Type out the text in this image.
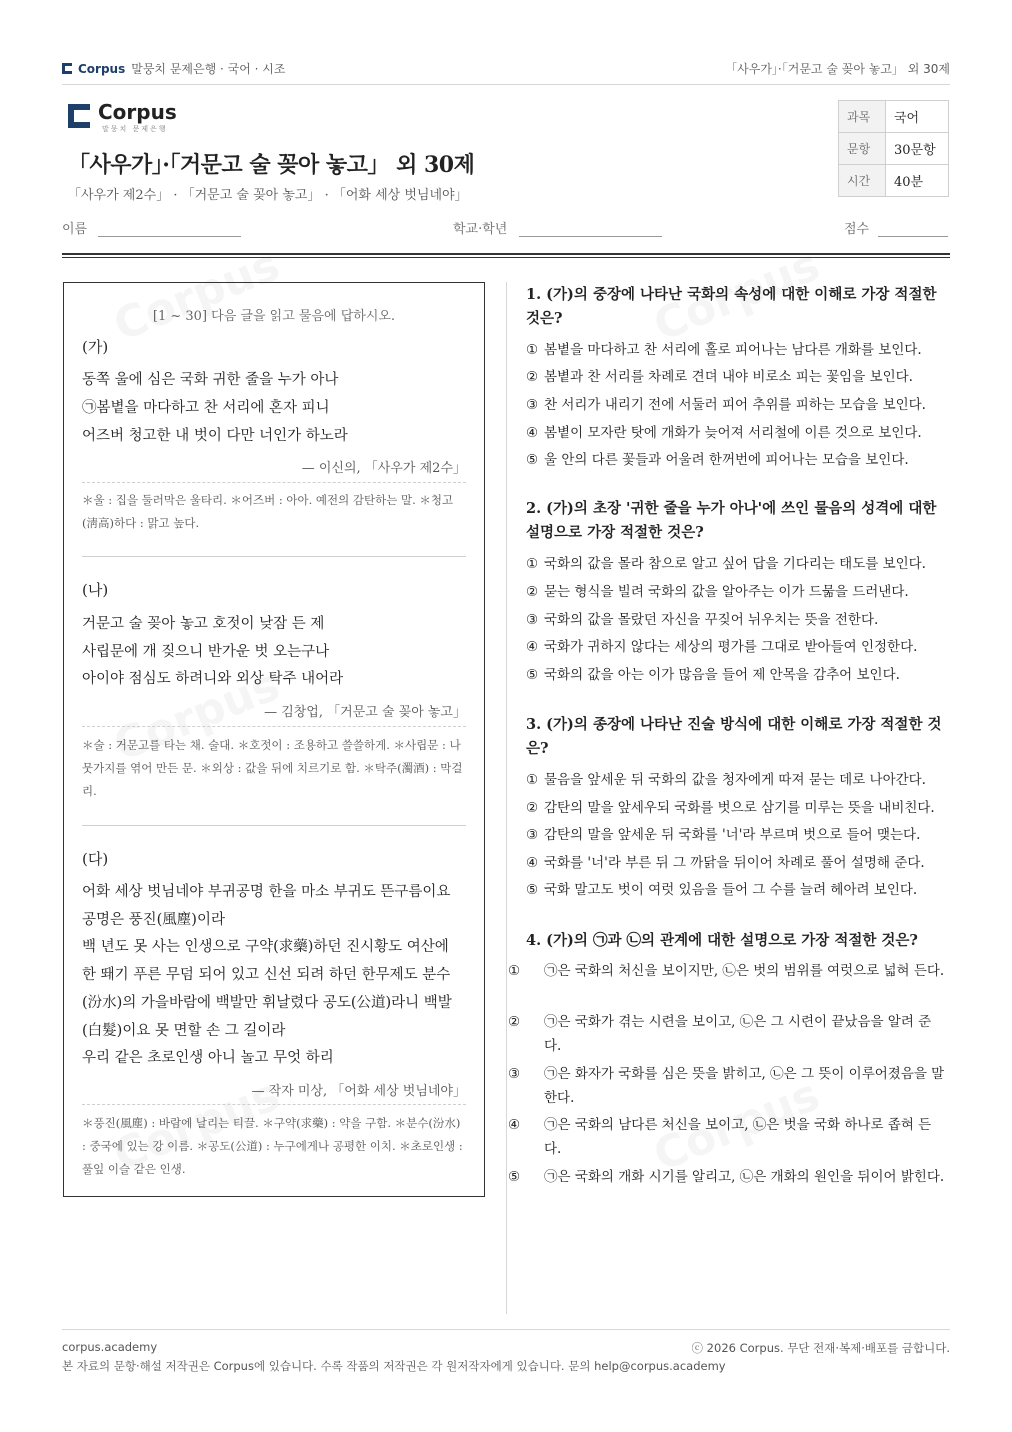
Corpus 말뭉치 문제은행 · 국어 · 시조	「사우가」·「거문고 술 꽂아 놓고」 외 30제
Corpus
말뭉치 문제은행
과목	국어
문항	30문항
시간	40분
「사우가」·「거문고 술 꽂아 놓고」 외 30제
「사우가 제2수」 · 「거문고 술 꽂아 놓고」 · 「어화 세상 벗님네야」
이름	학교·학년	점수
[1 ~ 30] 다음 글을 읽고 물음에 답하시오.
(가)
동쪽 울에 심은 국화 귀한 줄을 누가 아나
㉠봄볕을 마다하고 찬 서리에 혼자 피니
어즈버 청고한 내 벗이 다만 너인가 하노라
— 이신의, 「사우가 제2수」
＊울 : 집을 둘러막은 울타리. ＊어즈버 : 아아. 예전의 감탄하는 말. ＊청고(淸高)하다 : 맑고 높다.
(나)
거문고 술 꽂아 놓고 호젓이 낮잠 든 제
사립문에 개 짖으니 반가운 벗 오는구나
아이야 점심도 하려니와 외상 탁주 내어라
— 김창업, 「거문고 술 꽂아 놓고」
＊술 : 거문고를 타는 채. 술대. ＊호젓이 : 조용하고 쓸쓸하게. ＊사립문 : 나뭇가지를 엮어 만든 문. ＊외상 : 값을 뒤에 치르기로 함. ＊탁주(濁酒) : 막걸리.
(다)
어화 세상 벗님네야 부귀공명 한을 마소 부귀도 뜬구름이요
공명은 풍진(風塵)이라
백 년도 못 사는 인생으로 구약(求藥)하던 진시황도 여산에
한 뙈기 푸른 무덤 되어 있고 신선 되려 하던 한무제도 분수
(汾水)의 가을바람에 백발만 휘날렸다 공도(公道)라니 백발
(白髮)이요 못 면할 손 그 길이라
우리 같은 초로인생 아니 놀고 무엇 하리
— 작자 미상, 「어화 세상 벗님네야」
＊풍진(風塵) : 바람에 날리는 티끌. ＊구약(求藥) : 약을 구함. ＊분수(汾水) : 중국에 있는 강 이름. ＊공도(公道) : 누구에게나 공평한 이치. ＊초로인생 : 풀잎 이슬 같은 인생.
1. (가)의 중장에 나타난 국화의 속성에 대한 이해로 가장 적절한 것은?
① 봄볕을 마다하고 찬 서리에 홀로 피어나는 남다른 개화를 보인다.
② 봄볕과 찬 서리를 차례로 견뎌 내야 비로소 피는 꽃임을 보인다.
③ 찬 서리가 내리기 전에 서둘러 피어 추위를 피하는 모습을 보인다.
④ 봄볕이 모자란 탓에 개화가 늦어져 서리철에 이른 것으로 보인다.
⑤ 울 안의 다른 꽃들과 어울려 한꺼번에 피어나는 모습을 보인다.
2. (가)의 초장 '귀한 줄을 누가 아나'에 쓰인 물음의 성격에 대한 설명으로 가장 적절한 것은?
① 국화의 값을 몰라 참으로 알고 싶어 답을 기다리는 태도를 보인다.
② 묻는 형식을 빌려 국화의 값을 알아주는 이가 드묾을 드러낸다.
③ 국화의 값을 몰랐던 자신을 꾸짖어 뉘우치는 뜻을 전한다.
④ 국화가 귀하지 않다는 세상의 평가를 그대로 받아들여 인정한다.
⑤ 국화의 값을 아는 이가 많음을 들어 제 안목을 감추어 보인다.
3. (가)의 종장에 나타난 진술 방식에 대한 이해로 가장 적절한 것은?
① 물음을 앞세운 뒤 국화의 값을 청자에게 따져 묻는 데로 나아간다.
② 감탄의 말을 앞세우되 국화를 벗으로 삼기를 미루는 뜻을 내비친다.
③ 감탄의 말을 앞세운 뒤 국화를 '너'라 부르며 벗으로 들어 맺는다.
④ 국화를 '너'라 부른 뒤 그 까닭을 뒤이어 차례로 풀어 설명해 준다.
⑤ 국화 말고도 벗이 여럿 있음을 들어 그 수를 늘려 헤아려 보인다.
4. (가)의 ㉠과 ㉡의 관계에 대한 설명으로 가장 적절한 것은?
① ㉠은 국화의 처신을 보이지만, ㉡은 벗의 범위를 여럿으로 넓혀 든다.
② ㉠은 국화가 겪는 시련을 보이고, ㉡은 그 시련이 끝났음을 알려 준다.
③ ㉠은 화자가 국화를 심은 뜻을 밝히고, ㉡은 그 뜻이 이루어졌음을 말한다.
④ ㉠은 국화의 남다른 처신을 보이고, ㉡은 벗을 국화 하나로 좁혀 든다.
⑤ ㉠은 국화의 개화 시기를 알리고, ㉡은 개화의 원인을 뒤이어 밝힌다.
corpus.academy	ⓒ 2026 Corpus. 무단 전재·복제·배포를 금합니다.
본 자료의 문항·해설 저작권은 Corpus에 있습니다. 수록 작품의 저작권은 각 원저작자에게 있습니다. 문의 help@corpus.academy
